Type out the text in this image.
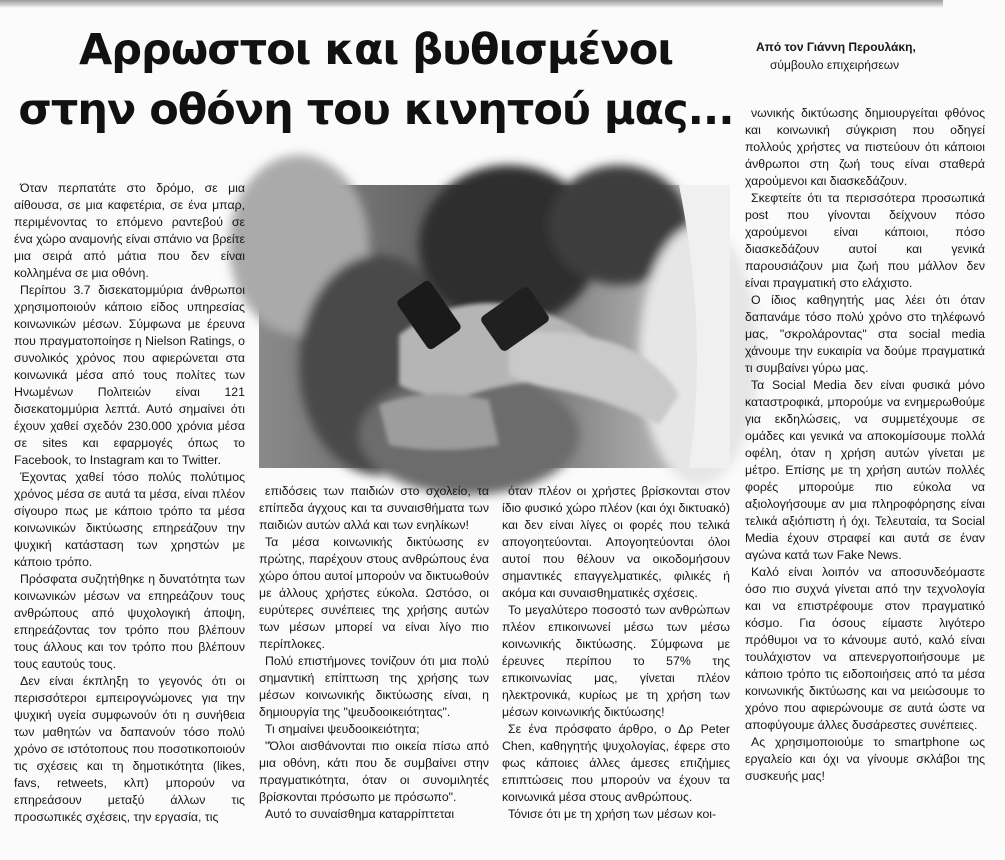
Αρρωστοι και βυθισμένοι
στην οθόνη του κινητού μας...
Από τον Γιάννη Περουλάκη,
σύμβουλο επιχειρήσεων

Όταν περπατάτε στο δρόμο, σε μια αίθουσα, σε μια καφετέρια, σε ένα μπαρ, περιμένοντας το επόμενο ραντεβού σε ένα χώρο αναμονής είναι σπάνιο να βρείτε μια σειρά από μάτια που δεν είναι κολλημένα σε μια οθόνη.

Περίπου 3.7 δισεκατομμύρια άνθρωποι χρησιμοποιούν κάποιο είδος υπηρεσίας κοινωνικών μέσων. Σύμφωνα με έρευνα που πραγματοποίησε η Nielson Ratings, ο συνολικός χρόνος που αφιερώνεται στα κοινωνικά μέσα από τους πολίτες των Ηνωμένων Πολιτειών είναι 121 δισεκατομμύρια λεπτά. Αυτό σημαίνει ότι έχουν χαθεί σχεδόν 230.000 χρόνια μέσα σε sites και εφαρμογές όπως το Facebook, το Instagram και το Twitter.

Έχοντας χαθεί τόσο πολύς πολύτιμος χρόνος μέσα σε αυτά τα μέσα, είναι πλέον σίγουρο πως με κάποιο τρόπο τα μέσα κοινωνικών δικτύωσης επηρεάζουν την ψυχική κατάσταση των χρηστών με κάποιο τρόπο.

Πρόσφατα συζητήθηκε η δυνατότητα των κοινωνικών μέσων να επηρεάζουν τους ανθρώπους από ψυχολογική άποψη, επηρεάζοντας τον τρόπο που βλέπουν τους άλλους και τον τρόπο που βλέπουν τους εαυτούς τους.

Δεν είναι έκπληξη το γεγονός ότι οι περισσότεροι εμπειρογνώμονες για την ψυχική υγεία συμφωνούν ότι η συνήθεια των μαθητών να δαπανούν τόσο πολύ χρόνο σε ιστότοπους που ποσοτικοποιούν τις σχέσεις και τη δημοτικότητα (likes, favs, retweets, κλπ) μπορούν να επηρεάσουν μεταξύ άλλων τις προσωπικές σχέσεις, την εργασία, τις

επιδόσεις των παιδιών στο σχολείο, τα επίπεδα άγχους και τα συναισθήματα των παιδιών αυτών αλλά και των ενηλίκων!

Τα μέσα κοινωνικής δικτύωσης εν πρώτης, παρέχουν στους ανθρώπους ένα χώρο όπου αυτοί μπορούν να δικτυωθούν με άλλους χρήστες εύκολα. Ωστόσο, οι ευρύτερες συνέπειες της χρήσης αυτών των μέσων μπορεί να είναι λίγο πιο περίπλοκες.

Πολύ επιστήμονες τονίζουν ότι μια πολύ σημαντική επίπτωση της χρήσης των μέσων κοινωνικής δικτύωσης είναι, η δημιουργία της "ψευδοοικειότητας".

Τι σημαίνει ψευδοοικειότητα;

"Όλοι αισθάνονται πιο οικεία πίσω από μια οθόνη, κάτι που δε συμβαίνει στην πραγματικότητα, όταν οι συνομιλητές βρίσκονται πρόσωπο με πρόσωπο".

Αυτό το συναίσθημα καταρρίπτεται

όταν πλέον οι χρήστες βρίσκονται στον ίδιο φυσικό χώρο πλέον (και όχι δικτυακό) και δεν είναι λίγες οι φορές που τελικά απογοητεύονται. Απογοητεύονται όλοι αυτοί που θέλουν να οικοδομήσουν σημαντικές επαγγελματικές, φιλικές ή ακόμα και συναισθηματικές σχέσεις.

Το μεγαλύτερο ποσοστό των ανθρώπων πλέον επικοινωνεί μέσω των μέσω κοινωνικής δικτύωσης. Σύμφωνα με έρευνες περίπου το 57% της επικοινωνίας μας, γίνεται πλέον ηλεκτρονικά, κυρίως με τη χρήση των μέσων κοινωνικής δικτύωσης!

Σε ένα πρόσφατο άρθρο, ο Δρ Peter Chen, καθηγητής ψυχολογίας, έφερε στο φως κάποιες άλλες άμεσες επιζήμιες επιπτώσεις που μπορούν να έχουν τα κοινωνικά μέσα στους ανθρώπους.

Τόνισε ότι με τη χρήση των μέσων κοι-

νωνικής δικτύωσης δημιουργείται φθόνος και κοινωνική σύγκριση που οδηγεί πολλούς χρήστες να πιστεύουν ότι κάποιοι άνθρωποι στη ζωή τους είναι σταθερά χαρούμενοι και διασκεδάζουν.

Σκεφτείτε ότι τα περισσότερα προσωπικά post που γίνονται δείχνουν πόσο χαρούμενοι είναι κάποιοι, πόσο διασκεδάζουν αυτοί και γενικά παρουσιάζουν μια ζωή που μάλλον δεν είναι πραγματική στο ελάχιστο.

Ο ίδιος καθηγητής μας λέει ότι όταν δαπανάμε τόσο πολύ χρόνο στο τηλέφωνό μας, "σκρολάροντας" στα social media χάνουμε την ευκαιρία να δούμε πραγματικά τι συμβαίνει γύρω μας.

Τα Social Media δεν είναι φυσικά μόνο καταστροφικά, μπορούμε να ενημερωθούμε για εκδηλώσεις, να συμμετέχουμε σε ομάδες και γενικά να αποκομίσουμε πολλά οφέλη, όταν η χρήση αυτών γίνεται με μέτρο. Επίσης με τη χρήση αυτών πολλές φορές μπορούμε πιο εύκολα να αξιολογήσουμε αν μια πληροφόρησης είναι τελικά αξιόπιστη ή όχι. Τελευταία, τα Social Media έχουν στραφεί και αυτά σε έναν αγώνα κατά των Fake News.

Καλό είναι λοιπόν να αποσυνδεόμαστε όσο πιο συχνά γίνεται από την τεχνολογία και να επιστρέφουμε στον πραγματικό κόσμο. Για όσους είμαστε λιγότερο πρόθυμοι να το κάνουμε αυτό, καλό είναι τουλάχιστον να απενεργοποιήσουμε με κάποιο τρόπο τις ειδοποιήσεις από τα μέσα κοινωνικής δικτύωσης και να μειώσουμε το χρόνο που αφιερώνουμε σε αυτά ώστε να αποφύγουμε άλλες δυσάρεστες συνέπειες.

Ας χρησιμοποιούμε το smartphone ως εργαλείο και όχι να γίνουμε σκλάβοι της συσκευής μας!
